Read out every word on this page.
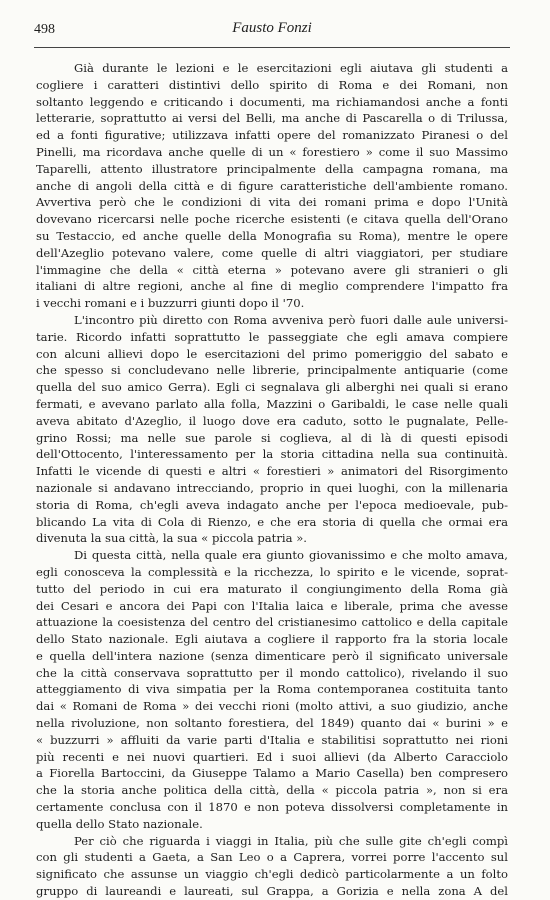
498	Fausto Fonzi
Già durante le lezioni e le esercitazioni egli aiutava gli studenti a
cogliere i caratteri distintivi dello spirito di Roma e dei Romani, non
soltanto leggendo e criticando i documenti, ma richiamandosi anche a fonti
letterarie, soprattutto ai versi del Belli, ma anche di Pascarella o di Trilussa,
ed a fonti figurative; utilizzava infatti opere del romanizzato Piranesi o del
Pinelli, ma ricordava anche quelle di un « forestiero » come il suo Massimo
Taparelli, attento illustratore principalmente della campagna romana, ma
anche di angoli della città e di figure caratteristiche dell'ambiente romano.
Avvertiva però che le condizioni di vita dei romani prima e dopo l'Unità
dovevano ricercarsi nelle poche ricerche esistenti (e citava quella dell'Orano
su Testaccio, ed anche quelle della Monografia su Roma), mentre le opere
dell'Azeglio potevano valere, come quelle di altri viaggiatori, per studiare
l'immagine che della « città eterna » potevano avere gli stranieri o gli
italiani di altre regioni, anche al fine di meglio comprendere l'impatto fra
i vecchi romani e i buzzurri giunti dopo il '70.
L'incontro più diretto con Roma avveniva però fuori dalle aule universi-
tarie. Ricordo infatti soprattutto le passeggiate che egli amava compiere
con alcuni allievi dopo le esercitazioni del primo pomeriggio del sabato e
che spesso si concludevano nelle librerie, principalmente antiquarie (come
quella del suo amico Gerra). Egli ci segnalava gli alberghi nei quali si erano
fermati, e avevano parlato alla folla, Mazzini o Garibaldi, le case nelle quali
aveva abitato d'Azeglio, il luogo dove era caduto, sotto le pugnalate, Pelle-
grino Rossi; ma nelle sue parole si coglieva, al di là di questi episodi
dell'Ottocento, l'interessamento per la storia cittadina nella sua continuità.
Infatti le vicende di questi e altri « forestieri » animatori del Risorgimento
nazionale si andavano intrecciando, proprio in quei luoghi, con la millenaria
storia di Roma, ch'egli aveva indagato anche per l'epoca medioevale, pub-
blicando La vita di Cola di Rienzo, e che era storia di quella che ormai era
divenuta la sua città, la sua « piccola patria ».
Di questa città, nella quale era giunto giovanissimo e che molto amava,
egli conosceva la complessità e la ricchezza, lo spirito e le vicende, soprat-
tutto del periodo in cui era maturato il congiungimento della Roma già
dei Cesari e ancora dei Papi con l'Italia laica e liberale, prima che avesse
attuazione la coesistenza del centro del cristianesimo cattolico e della capitale
dello Stato nazionale. Egli aiutava a cogliere il rapporto fra la storia locale
e quella dell'intera nazione (senza dimenticare però il significato universale
che la città conservava soprattutto per il mondo cattolico), rivelando il suo
atteggiamento di viva simpatia per la Roma contemporanea costituita tanto
dai « Romani de Roma » dei vecchi rioni (molto attivi, a suo giudizio, anche
nella rivoluzione, non soltanto forestiera, del 1849) quanto dai « burini » e
« buzzurri » affluiti da varie parti d'Italia e stabilitisi soprattutto nei rioni
più recenti e nei nuovi quartieri. Ed i suoi allievi (da Alberto Caracciolo
a Fiorella Bartoccini, da Giuseppe Talamo a Mario Casella) ben compresero
che la storia anche politica della città, della « piccola patria », non si era
certamente conclusa con il 1870 e non poteva dissolversi completamente in
quella dello Stato nazionale.
Per ciò che riguarda i viaggi in Italia, più che sulle gite ch'egli compì
con gli studenti a Gaeta, a San Leo o a Caprera, vorrei porre l'accento sul
significato che assunse un viaggio ch'egli dedicò particolarmente a un folto
gruppo di laureandi e laureati, sul Grappa, a Gorizia e nella zona A del
